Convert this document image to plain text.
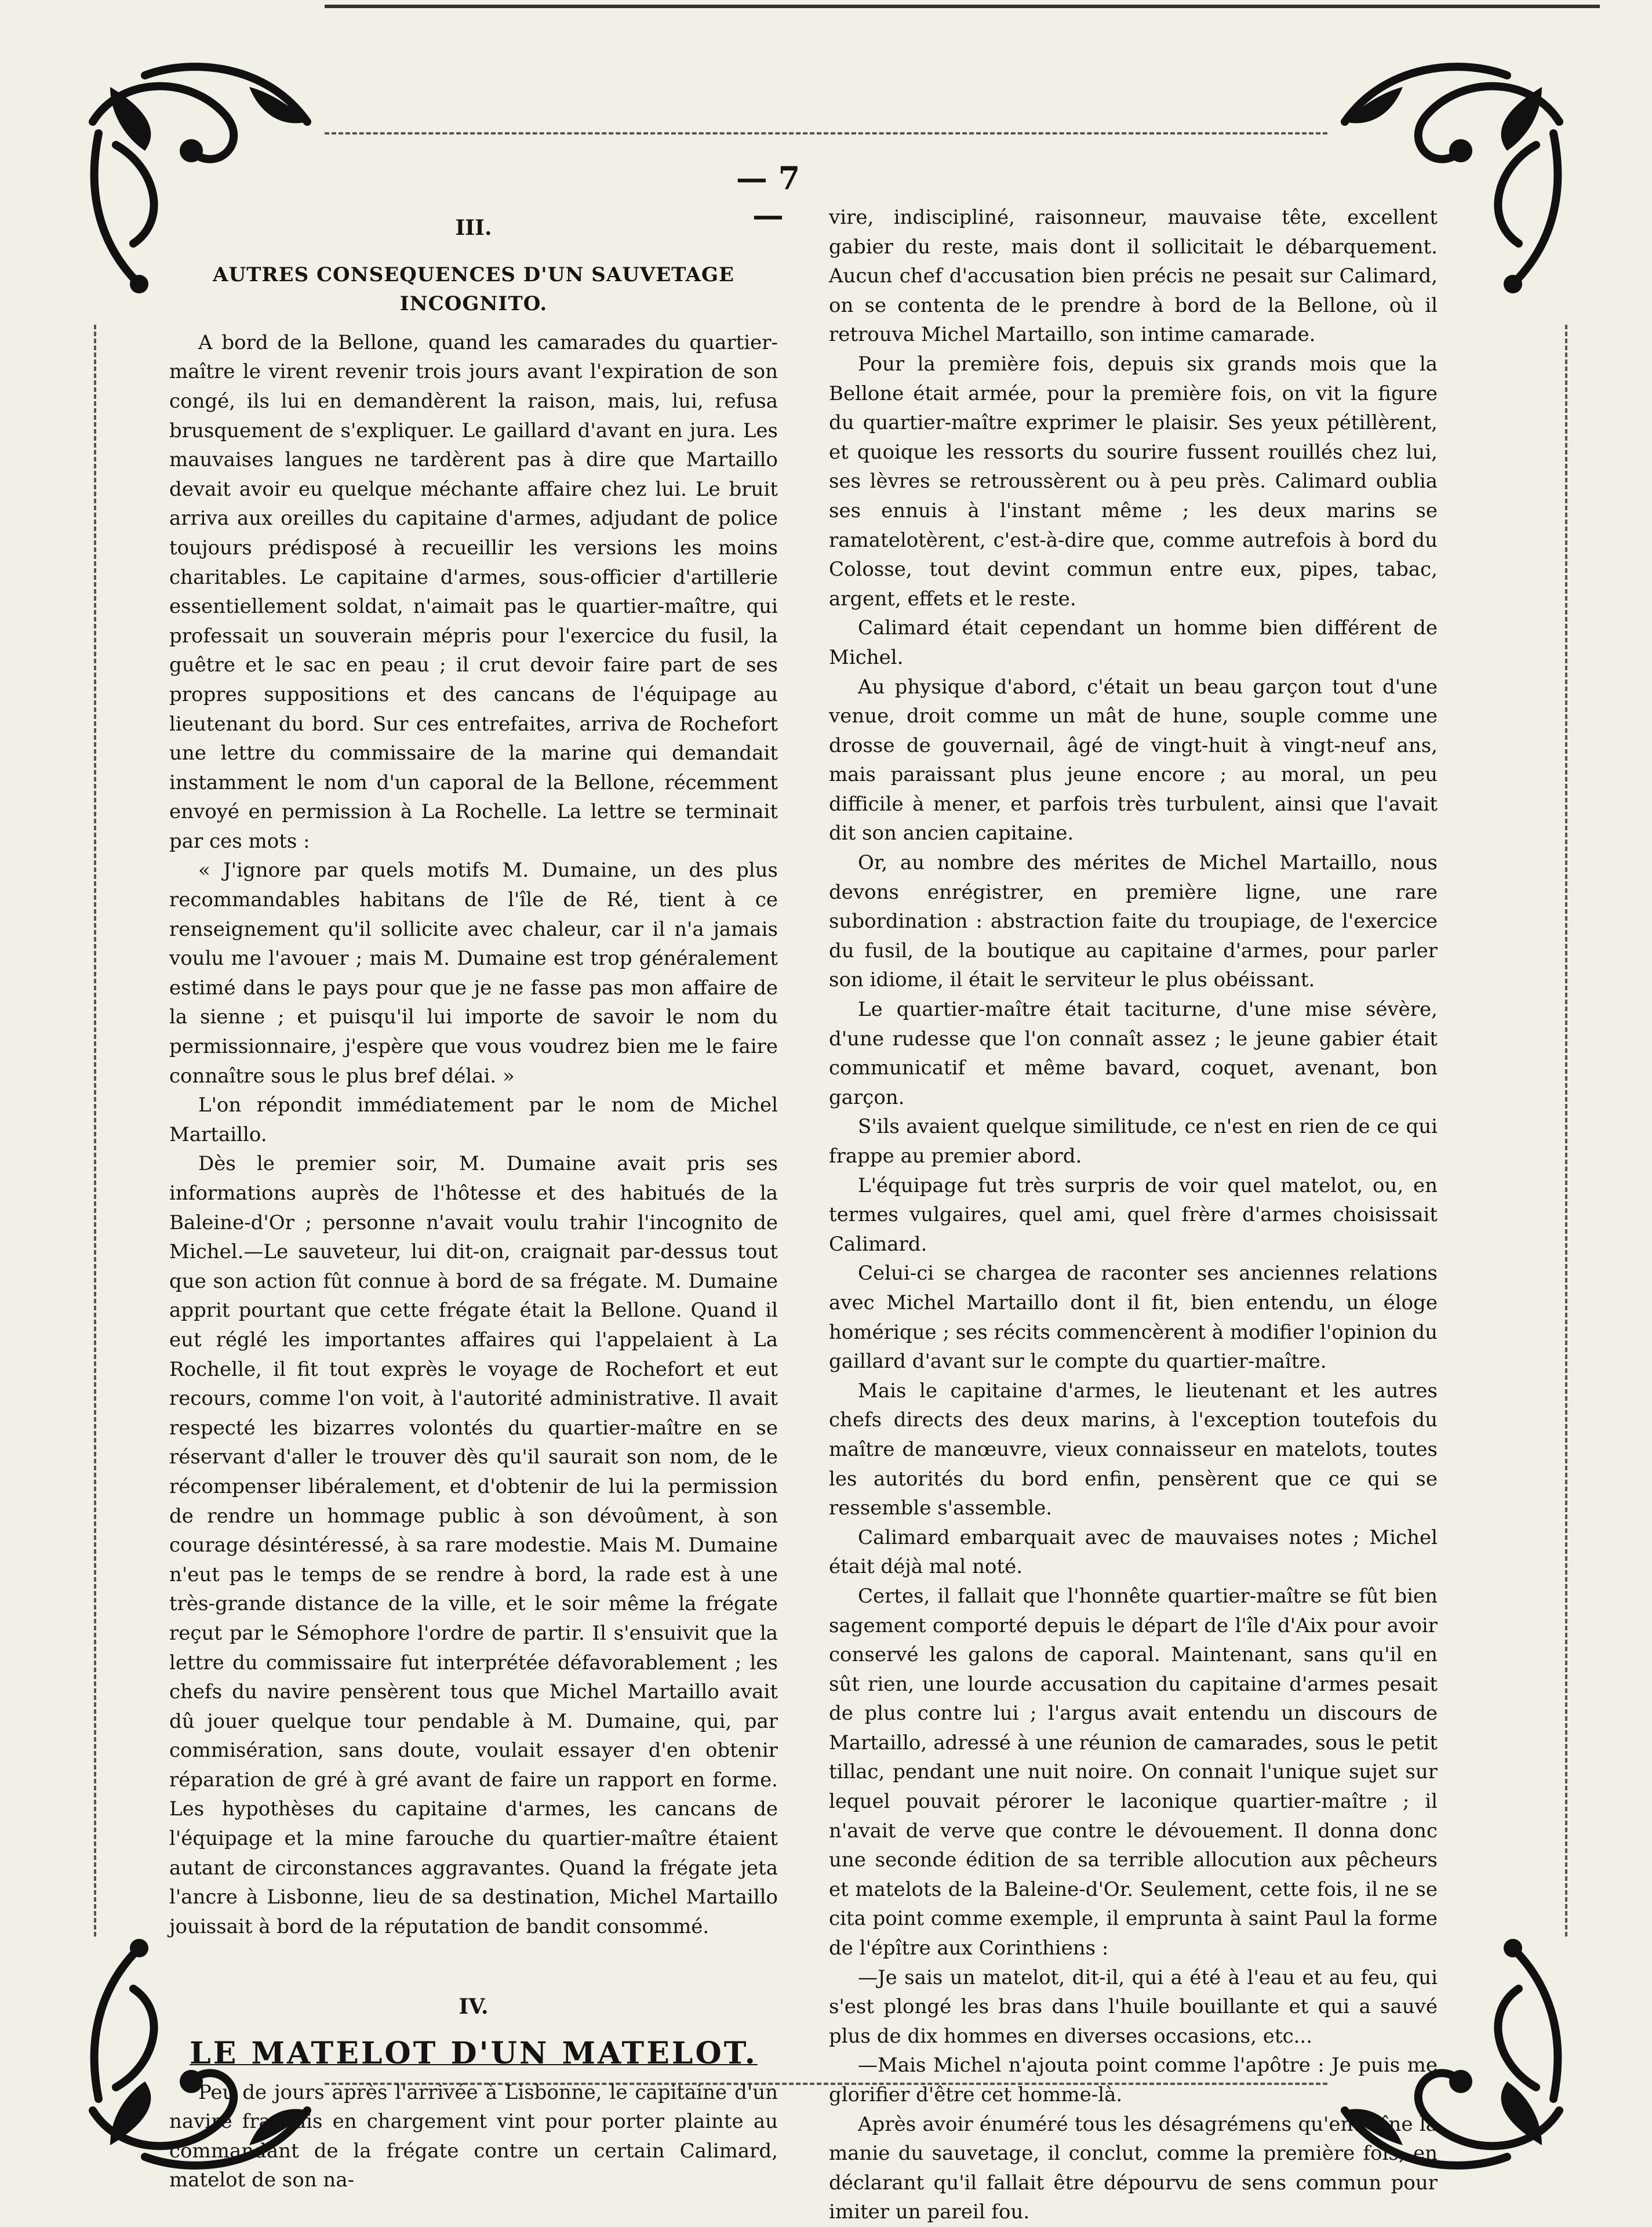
— 7 —
III.
AUTRES CONSEQUENCES D'UN SAUVETAGE INCOGNITO.

A bord de la Bellone, quand les camarades du quartier-maître le virent revenir trois jours avant l'expiration de son congé, ils lui en demandèrent la raison, mais, lui, refusa brusquement de s'expliquer. Le gaillard d'avant en jura. Les mauvaises langues ne tardèrent pas à dire que Martaillo devait avoir eu quelque méchante affaire chez lui. Le bruit arriva aux oreilles du capitaine d'armes, adjudant de police toujours prédisposé à recueillir les versions les moins charitables. Le capitaine d'armes, sous-officier d'artillerie essentiellement soldat, n'aimait pas le quartier-maître, qui professait un souverain mépris pour l'exercice du fusil, la guêtre et le sac en peau ; il crut devoir faire part de ses propres suppositions et des cancans de l'équipage au lieutenant du bord. Sur ces entrefaites, arriva de Rochefort une lettre du commissaire de la marine qui demandait instamment le nom d'un caporal de la Bellone, récemment envoyé en permission à La Rochelle. La lettre se terminait par ces mots :

« J'ignore par quels motifs M. Dumaine, un des plus recommandables habitans de l'île de Ré, tient à ce renseignement qu'il sollicite avec chaleur, car il n'a jamais voulu me l'avouer ; mais M. Dumaine est trop généralement estimé dans le pays pour que je ne fasse pas mon affaire de la sienne ; et puisqu'il lui importe de savoir le nom du permissionnaire, j'espère que vous voudrez bien me le faire connaître sous le plus bref délai. »

L'on répondit immédiatement par le nom de Michel Martaillo.

Dès le premier soir, M. Dumaine avait pris ses informations auprès de l'hôtesse et des habitués de la Baleine-d'Or ; personne n'avait voulu trahir l'incognito de Michel.—Le sauveteur, lui dit-on, craignait par-dessus tout que son action fût connue à bord de sa frégate. M. Dumaine apprit pourtant que cette frégate était la Bellone. Quand il eut réglé les importantes affaires qui l'appelaient à La Rochelle, il fit tout exprès le voyage de Rochefort et eut recours, comme l'on voit, à l'autorité administrative. Il avait respecté les bizarres volontés du quartier-maître en se réservant d'aller le trouver dès qu'il saurait son nom, de le récompenser libéralement, et d'obtenir de lui la permission de rendre un hommage public à son dévoûment, à son courage désintéressé, à sa rare modestie. Mais M. Dumaine n'eut pas le temps de se rendre à bord, la rade est à une très-grande distance de la ville, et le soir même la frégate reçut par le Sémophore l'ordre de partir. Il s'ensuivit que la lettre du commissaire fut interprétée défavorablement ; les chefs du navire pensèrent tous que Michel Martaillo avait dû jouer quelque tour pendable à M. Dumaine, qui, par commisération, sans doute, voulait essayer d'en obtenir réparation de gré à gré avant de faire un rapport en forme. Les hypothèses du capitaine d'armes, les cancans de l'équipage et la mine farouche du quartier-maître étaient autant de circonstances aggravantes. Quand la frégate jeta l'ancre à Lisbonne, lieu de sa destination, Michel Martaillo jouissait à bord de la réputation de bandit consommé.

IV.
LE MATELOT D'UN MATELOT.

Peu de jours après l'arrivée à Lisbonne, le capitaine d'un navire français en chargement vint pour porter plainte au commandant de la frégate contre un certain Calimard, matelot de son na-

vire, indiscipliné, raisonneur, mauvaise tête, excellent gabier du reste, mais dont il sollicitait le débarquement. Aucun chef d'accusation bien précis ne pesait sur Calimard, on se contenta de le prendre à bord de la Bellone, où il retrouva Michel Martaillo, son intime camarade.

Pour la première fois, depuis six grands mois que la Bellone était armée, pour la première fois, on vit la figure du quartier-maître exprimer le plaisir. Ses yeux pétillèrent, et quoique les ressorts du sourire fussent rouillés chez lui, ses lèvres se retroussèrent ou à peu près. Calimard oublia ses ennuis à l'instant même ; les deux marins se ramatelotèrent, c'est-à-dire que, comme autrefois à bord du Colosse, tout devint commun entre eux, pipes, tabac, argent, effets et le reste.

Calimard était cependant un homme bien différent de Michel.

Au physique d'abord, c'était un beau garçon tout d'une venue, droit comme un mât de hune, souple comme une drosse de gouvernail, âgé de vingt-huit à vingt-neuf ans, mais paraissant plus jeune encore ; au moral, un peu difficile à mener, et parfois très turbulent, ainsi que l'avait dit son ancien capitaine.

Or, au nombre des mérites de Michel Martaillo, nous devons enrégistrer, en première ligne, une rare subordination : abstraction faite du troupiage, de l'exercice du fusil, de la boutique au capitaine d'armes, pour parler son idiome, il était le serviteur le plus obéissant.

Le quartier-maître était taciturne, d'une mise sévère, d'une rudesse que l'on connaît assez ; le jeune gabier était communicatif et même bavard, coquet, avenant, bon garçon.

S'ils avaient quelque similitude, ce n'est en rien de ce qui frappe au premier abord.

L'équipage fut très surpris de voir quel matelot, ou, en termes vulgaires, quel ami, quel frère d'armes choisissait Calimard.

Celui-ci se chargea de raconter ses anciennes relations avec Michel Martaillo dont il fit, bien entendu, un éloge homérique ; ses récits commencèrent à modifier l'opinion du gaillard d'avant sur le compte du quartier-maître.

Mais le capitaine d'armes, le lieutenant et les autres chefs directs des deux marins, à l'exception toutefois du maître de manœuvre, vieux connaisseur en matelots, toutes les autorités du bord enfin, pensèrent que ce qui se ressemble s'assemble.

Calimard embarquait avec de mauvaises notes ; Michel était déjà mal noté.

Certes, il fallait que l'honnête quartier-maître se fût bien sagement comporté depuis le départ de l'île d'Aix pour avoir conservé les galons de caporal. Maintenant, sans qu'il en sût rien, une lourde accusation du capitaine d'armes pesait de plus contre lui ; l'argus avait entendu un discours de Martaillo, adressé à une réunion de camarades, sous le petit tillac, pendant une nuit noire. On connait l'unique sujet sur lequel pouvait pérorer le laconique quartier-maître ; il n'avait de verve que contre le dévouement. Il donna donc une seconde édition de sa terrible allocution aux pêcheurs et matelots de la Baleine-d'Or. Seulement, cette fois, il ne se cita point comme exemple, il emprunta à saint Paul la forme de l'épître aux Corinthiens :

—Je sais un matelot, dit-il, qui a été à l'eau et au feu, qui s'est plongé les bras dans l'huile bouillante et qui a sauvé plus de dix hommes en diverses occasions, etc...

—Mais Michel n'ajouta point comme l'apôtre : Je puis me glorifier d'être cet homme-là.

Après avoir énuméré tous les désagrémens qu'entraîne la manie du sauvetage, il conclut, comme la première fois, en déclarant qu'il fallait être dépourvu de sens commun pour imiter un pareil fou.
